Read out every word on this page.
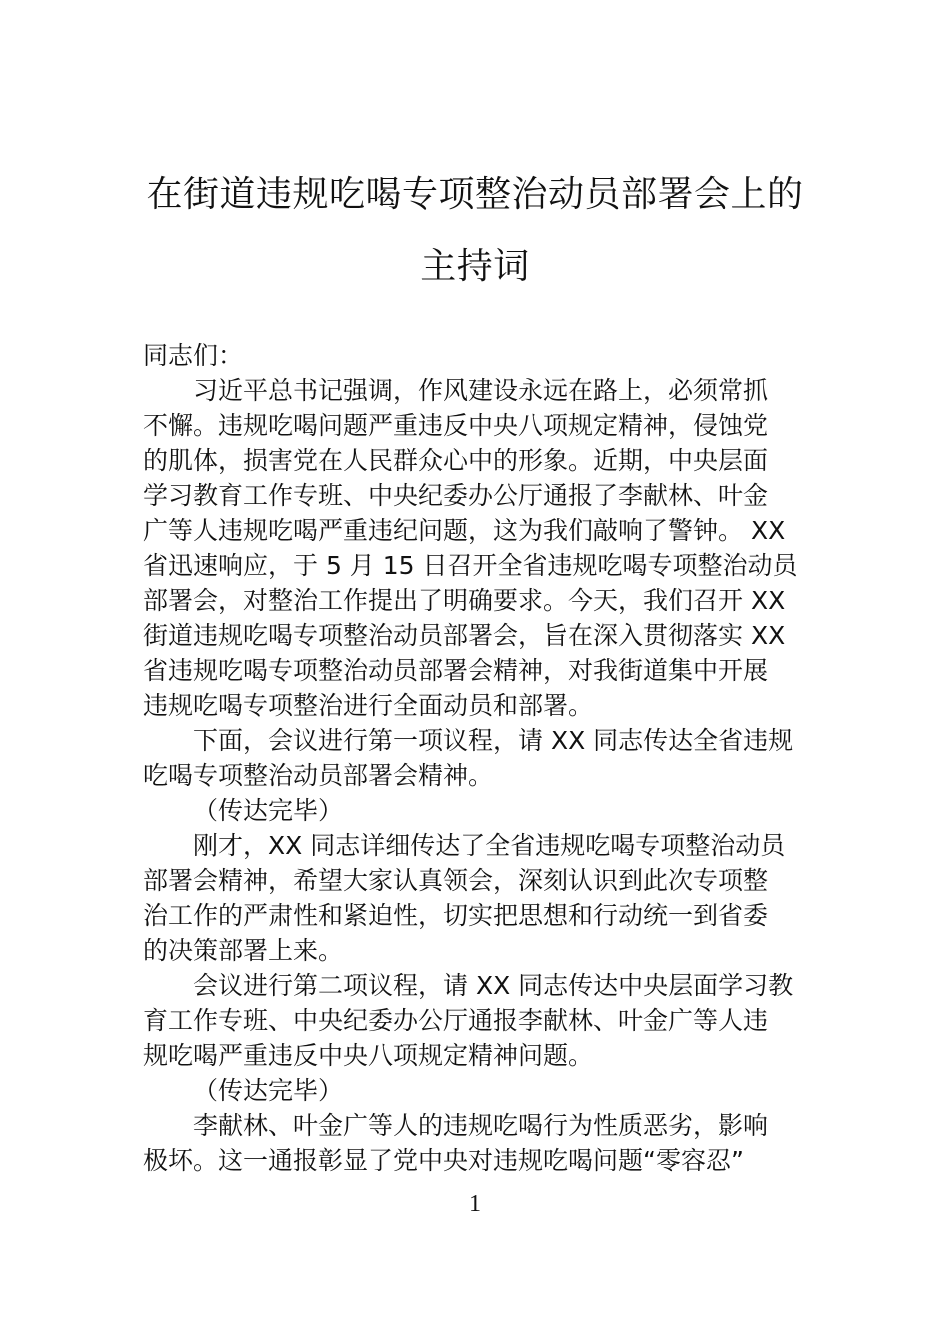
在街道违规吃喝专项整治动员部署会上的
主持词
同志们：
习近平总书记强调，作风建设永远在路上，必须常抓
不懈。违规吃喝问题严重违反中央八项规定精神，侵蚀党
的肌体，损害党在人民群众心中的形象。近期，中央层面
学习教育工作专班、中央纪委办公厅通报了李献林、叶金
广等人违规吃喝严重违纪问题，这为我们敲响了警钟。 XX
省迅速响应，于 5 月 15 日召开全省违规吃喝专项整治动员
部署会，对整治工作提出了明确要求。今天，我们召开 XX
街道违规吃喝专项整治动员部署会，旨在深入贯彻落实 XX
省违规吃喝专项整治动员部署会精神，对我街道集中开展
违规吃喝专项整治进行全面动员和部署。
下面，会议进行第一项议程，请 XX 同志传达全省违规
吃喝专项整治动员部署会精神。
（传达完毕）
刚才，XX 同志详细传达了全省违规吃喝专项整治动员
部署会精神，希望大家认真领会，深刻认识到此次专项整
治工作的严肃性和紧迫性，切实把思想和行动统一到省委
的决策部署上来。
会议进行第二项议程，请 XX 同志传达中央层面学习教
育工作专班、中央纪委办公厅通报李献林、叶金广等人违
规吃喝严重违反中央八项规定精神问题。
（传达完毕）
李献林、叶金广等人的违规吃喝行为性质恶劣，影响
极坏。这一通报彰显了党中央对违规吃喝问题“零容忍”
1
